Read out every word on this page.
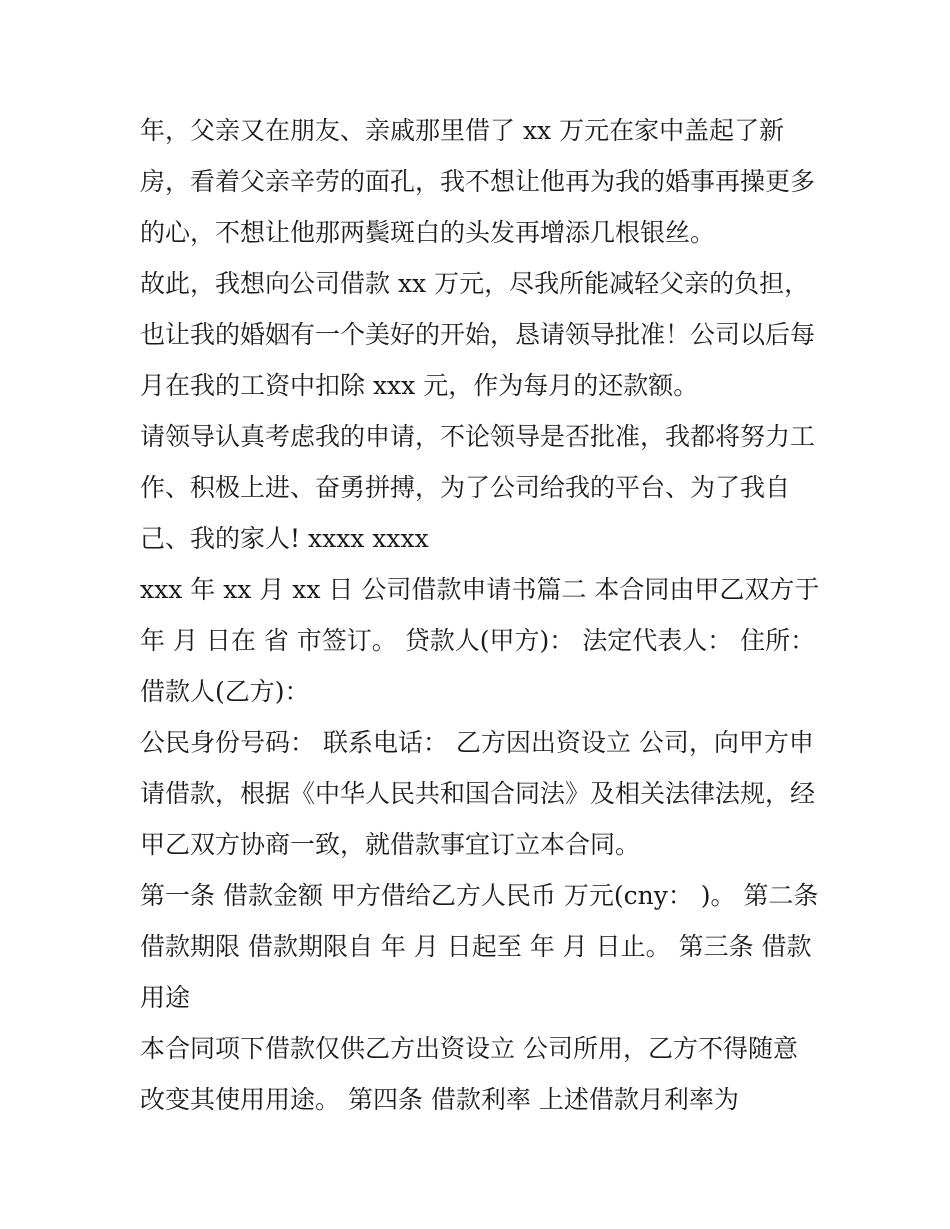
年，父亲又在朋友、亲戚那里借了 xx 万元在家中盖起了新
房，看着父亲辛劳的面孔，我不想让他再为我的婚事再操更多
的心，不想让他那两鬓斑白的头发再增添几根银丝。
故此，我想向公司借款 xx 万元，尽我所能减轻父亲的负担，
也让我的婚姻有一个美好的开始，恳请领导批准！公司以后每
月在我的工资中扣除 xxx 元，作为每月的还款额。
请领导认真考虑我的申请，不论领导是否批准，我都将努力工
作、积极上进、奋勇拼搏，为了公司给我的平台、为了我自
己、我的家人! xxxx xxxx
xxx 年 xx 月 xx 日 公司借款申请书篇二 本合同由甲乙双方于
年 月 日在 省 市签订。 贷款人(甲方)： 法定代表人： 住所：
借款人(乙方)：
公民身份号码： 联系电话： 乙方因出资设立 公司，向甲方申
请借款，根据《中华人民共和国合同法》及相关法律法规，经
甲乙双方协商一致，就借款事宜订立本合同。
第一条 借款金额 甲方借给乙方人民币 万元(cny： )。 第二条
借款期限 借款期限自 年 月 日起至 年 月 日止。 第三条 借款
用途
本合同项下借款仅供乙方出资设立 公司所用，乙方不得随意
改变其使用用途。 第四条 借款利率 上述借款月利率为
